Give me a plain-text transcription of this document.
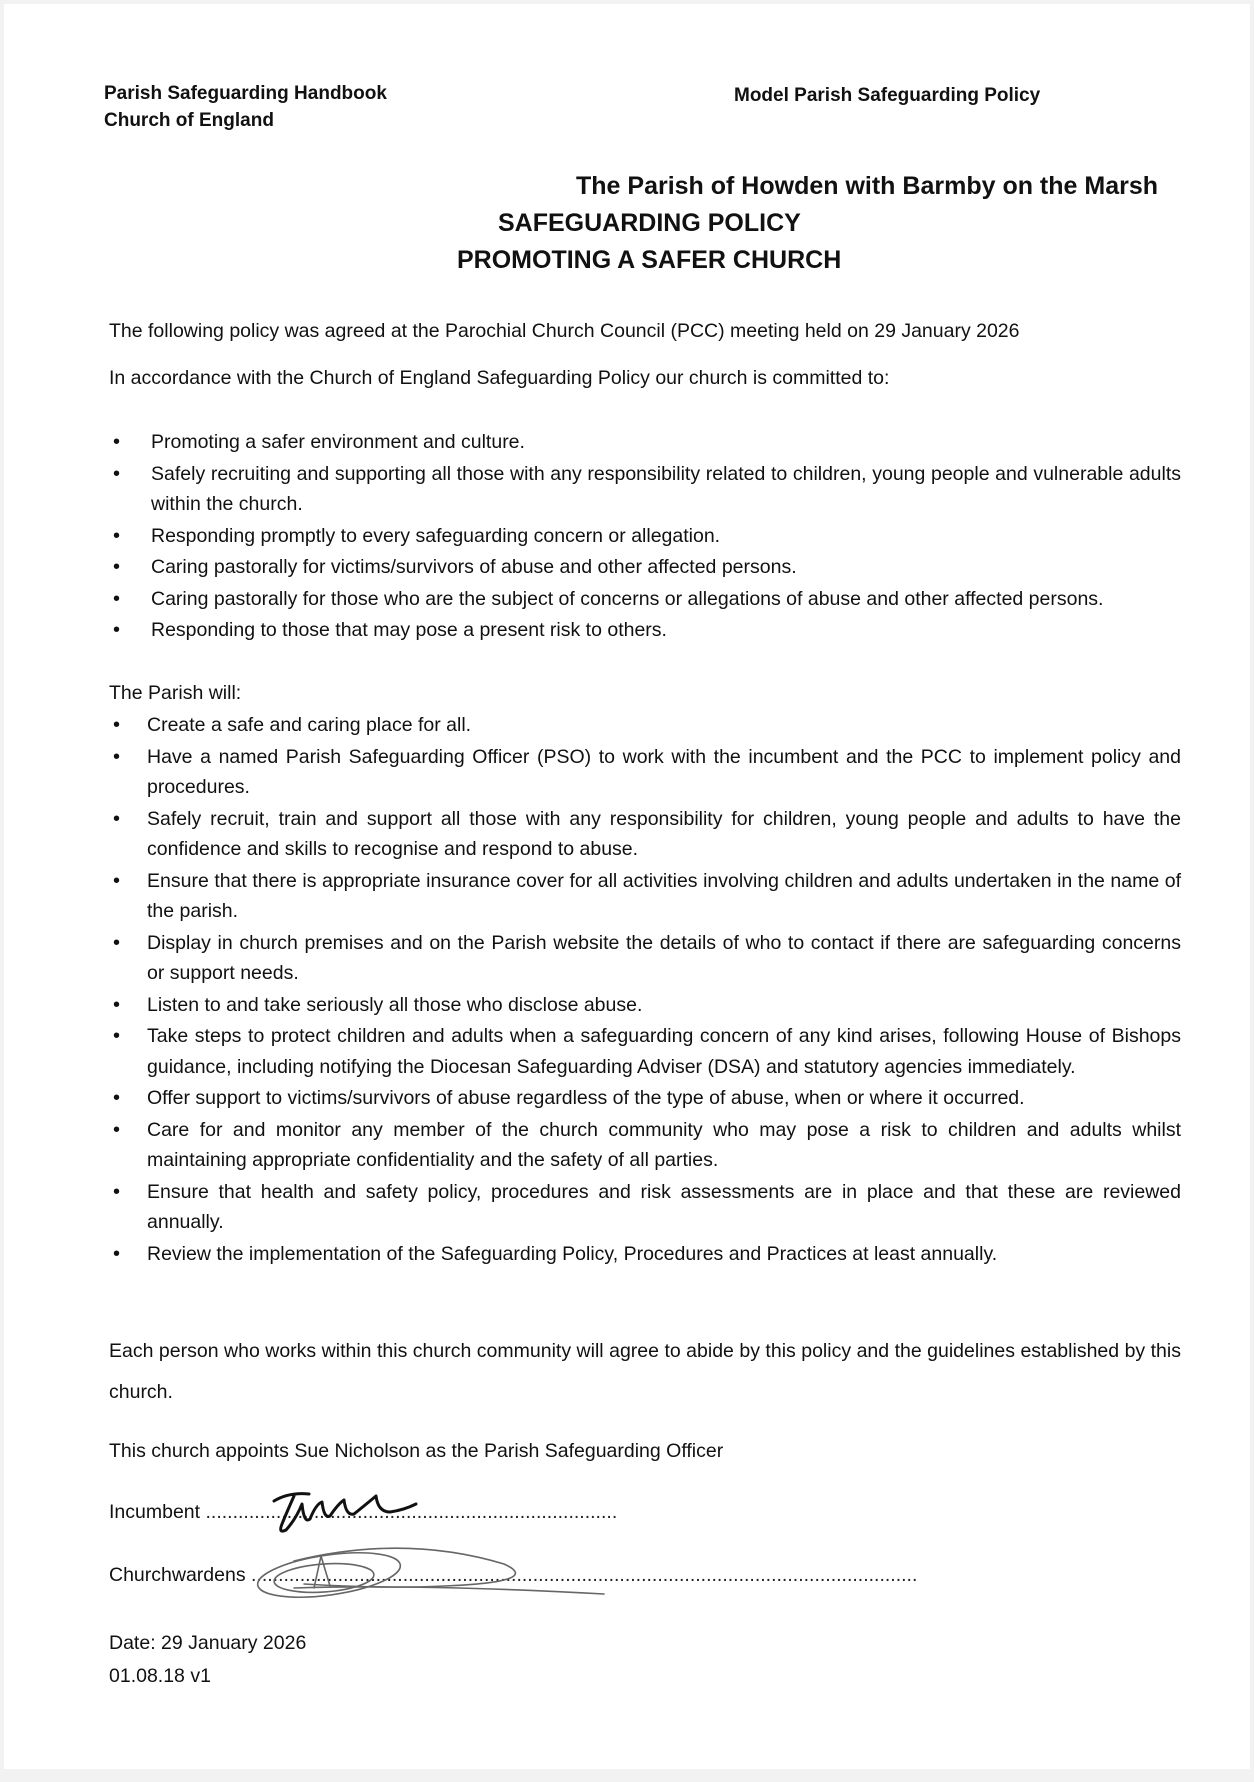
Parish Safeguarding Handbook
Church of England
Model Parish Safeguarding Policy
The Parish of Howden with Barmby on the Marsh
SAFEGUARDING POLICY
PROMOTING A SAFER CHURCH
The following policy was agreed at the Parochial Church Council (PCC) meeting held on 29 January 2026
In accordance with the Church of England Safeguarding Policy our church is committed to:
• Promoting a safer environment and culture.
• Safely recruiting and supporting all those with any responsibility related to children, young people and vulnerable adults within the church.
• Responding promptly to every safeguarding concern or allegation.
• Caring pastorally for victims/survivors of abuse and other affected persons.
• Caring pastorally for those who are the subject of concerns or allegations of abuse and other affected persons.
• Responding to those that may pose a present risk to others.
The Parish will:
• Create a safe and caring place for all.
• Have a named Parish Safeguarding Officer (PSO) to work with the incumbent and the PCC to implement policy and procedures.
• Safely recruit, train and support all those with any responsibility for children, young people and adults to have the confidence and skills to recognise and respond to abuse.
• Ensure that there is appropriate insurance cover for all activities involving children and adults undertaken in the name of the parish.
• Display in church premises and on the Parish website the details of who to contact if there are safeguarding concerns or support needs.
• Listen to and take seriously all those who disclose abuse.
• Take steps to protect children and adults when a safeguarding concern of any kind arises, following House of Bishops guidance, including notifying the Diocesan Safeguarding Adviser (DSA) and statutory agencies immediately.
• Offer support to victims/survivors of abuse regardless of the type of abuse, when or where it occurred.
• Care for and monitor any member of the church community who may pose a risk to children and adults whilst maintaining appropriate confidentiality and the safety of all parties.
• Ensure that health and safety policy, procedures and risk assessments are in place and that these are reviewed annually.
• Review the implementation of the Safeguarding Policy, Procedures and Practices at least annually.
Each person who works within this church community will agree to abide by this policy and the guidelines established by this church.
This church appoints Sue Nicholson as the Parish Safeguarding Officer
Incumbent ............................................................................
Churchwardens ...........................................................................................................................
Date: 29 January 2026
01.08.18 v1
